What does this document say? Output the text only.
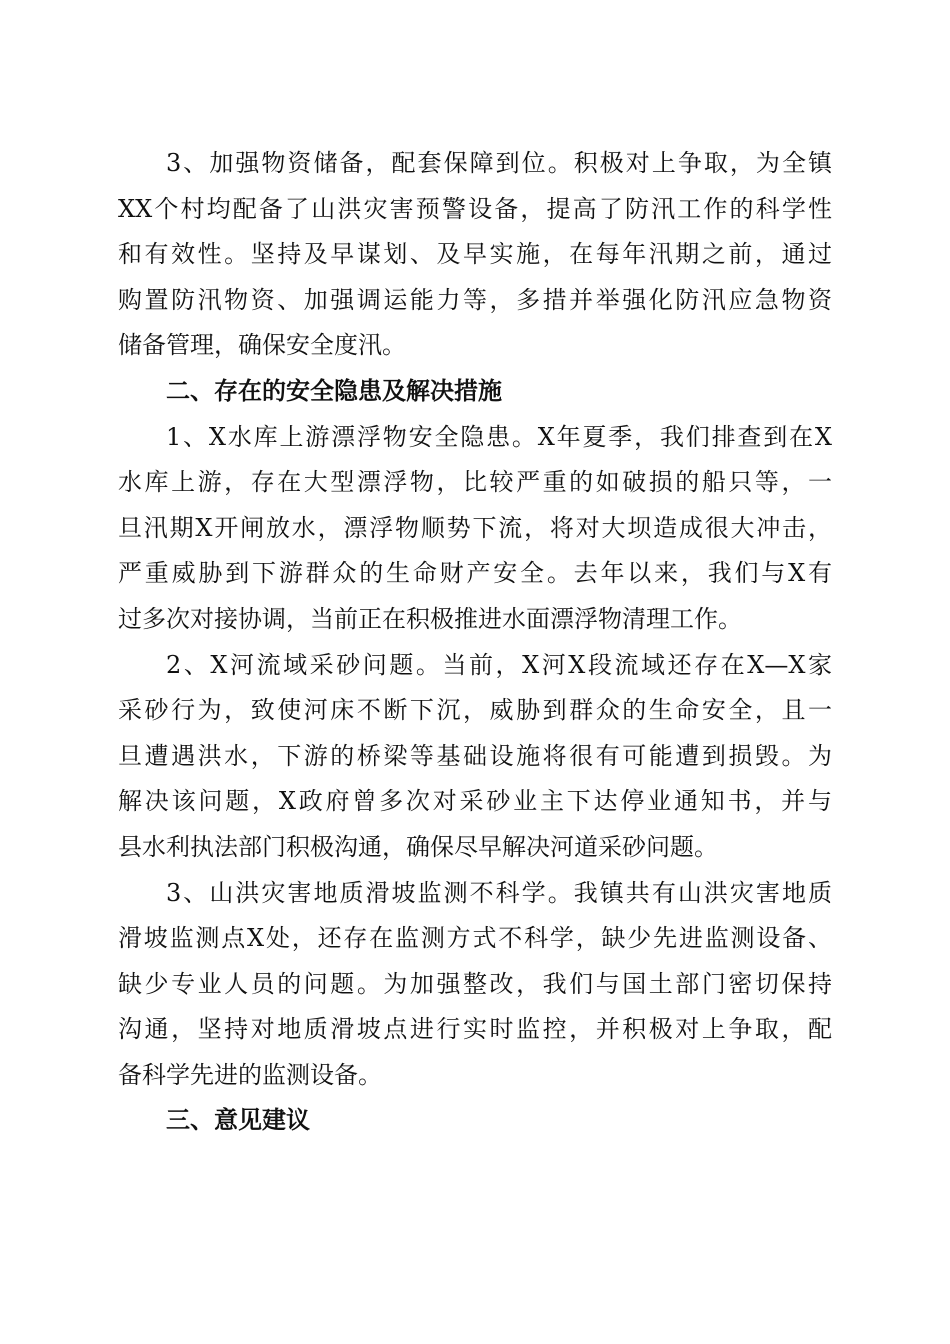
3、加强物资储备，配套保障到位。积极对上争取，为全镇
XX个村均配备了山洪灾害预警设备，提高了防汛工作的科学性
和有效性。坚持及早谋划、及早实施，在每年汛期之前，通过
购置防汛物资、加强调运能力等，多措并举强化防汛应急物资
储备管理，确保安全度汛。
二、存在的安全隐患及解决措施
1、X水库上游漂浮物安全隐患。X年夏季，我们排查到在X
水库上游，存在大型漂浮物，比较严重的如破损的船只等，一
旦汛期X开闸放水，漂浮物顺势下流，将对大坝造成很大冲击，
严重威胁到下游群众的生命财产安全。去年以来，我们与X有
过多次对接协调，当前正在积极推进水面漂浮物清理工作。
2、X河流域采砂问题。当前，X河X段流域还存在X—X家
采砂行为，致使河床不断下沉，威胁到群众的生命安全，且一
旦遭遇洪水，下游的桥梁等基础设施将很有可能遭到损毁。为
解决该问题，X政府曾多次对采砂业主下达停业通知书，并与
县水利执法部门积极沟通，确保尽早解决河道采砂问题。
3、山洪灾害地质滑坡监测不科学。我镇共有山洪灾害地质
滑坡监测点X处，还存在监测方式不科学，缺少先进监测设备、
缺少专业人员的问题。为加强整改，我们与国土部门密切保持
沟通，坚持对地质滑坡点进行实时监控，并积极对上争取，配
备科学先进的监测设备。
三、意见建议
